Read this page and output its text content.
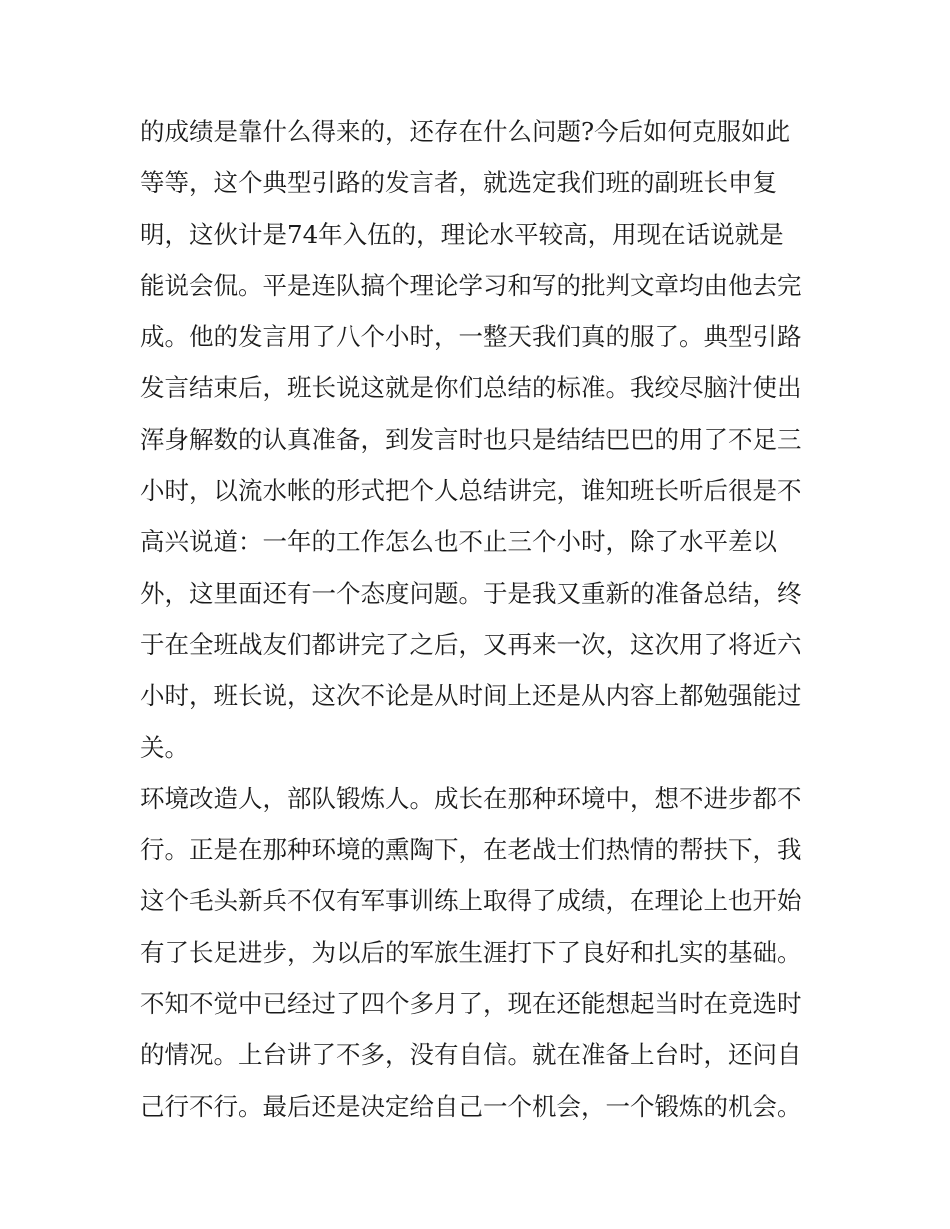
的成绩是靠什么得来的，还存在什么问题?今后如何克服如此
等等，这个典型引路的发言者，就选定我们班的副班长申复
明，这伙计是74年入伍的，理论水平较高，用现在话说就是
能说会侃。平是连队搞个理论学习和写的批判文章均由他去完
成。他的发言用了八个小时，一整天我们真的服了。典型引路
发言结束后，班长说这就是你们总结的标准。我绞尽脑汁使出
浑身解数的认真准备，到发言时也只是结结巴巴的用了不足三
小时，以流水帐的形式把个人总结讲完，谁知班长听后很是不
高兴说道：一年的工作怎么也不止三个小时，除了水平差以
外，这里面还有一个态度问题。于是我又重新的准备总结，终
于在全班战友们都讲完了之后，又再来一次，这次用了将近六
小时，班长说，这次不论是从时间上还是从内容上都勉强能过
关。
环境改造人，部队锻炼人。成长在那种环境中，想不进步都不
行。正是在那种环境的熏陶下，在老战士们热情的帮扶下，我
这个毛头新兵不仅有军事训练上取得了成绩，在理论上也开始
有了长足进步，为以后的军旅生涯打下了良好和扎实的基础。
不知不觉中已经过了四个多月了，现在还能想起当时在竞选时
的情况。上台讲了不多，没有自信。就在准备上台时，还问自
己行不行。最后还是决定给自己一个机会，一个锻炼的机会。
